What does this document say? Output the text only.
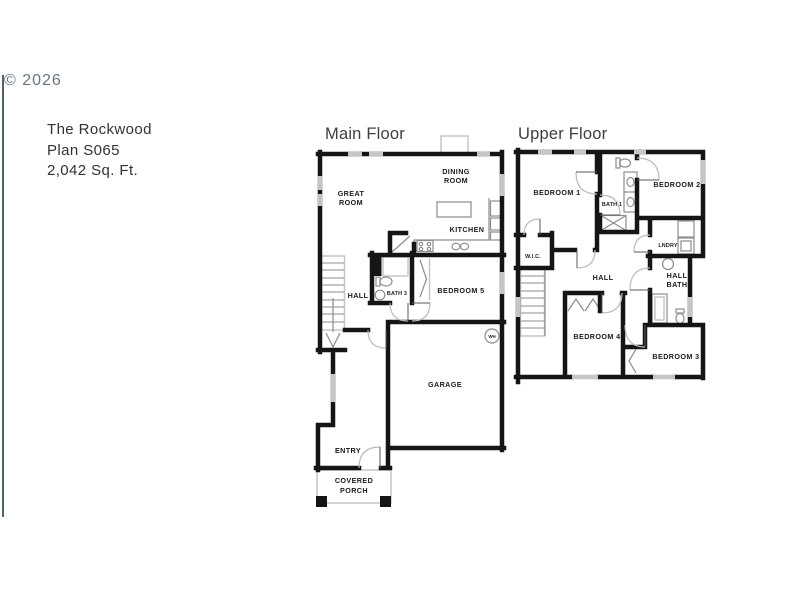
© 2026
The Rockwood
Plan S065
2,042 Sq. Ft.
Main Floor
WH
GREAT
ROOM
DINING
ROOM
KITCHEN
HALL	BATH 3	BEDROOM 5
GARAGE
ENTRY
COVERED
PORCH
Upper Floor
BEDROOM 1
BATH 1
BEDROOM 2
W.I.C.
LNDRY
HALL	HALL
BATH
BEDROOM 4
BEDROOM 3
